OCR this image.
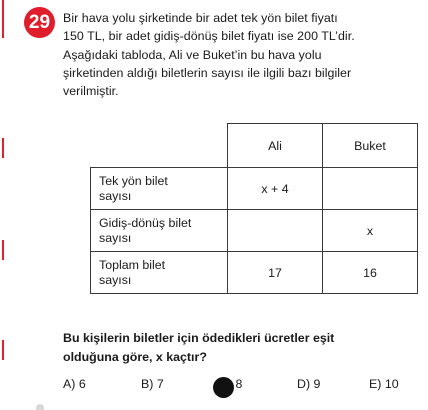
29	Bir hava yolu şirketinde bir adet tek yön bilet fiyatı
150 TL, bir adet gidiş-dönüş bilet fiyatı ise 200 TL’dir.
Aşağıdaki tabloda, Ali ve Buket’in bu hava yolu
şirketinden aldığı biletlerin sayısı ile ilgili bazı bilgiler
verilmiştir.
	Ali	Buket

Tek yön bilet
sayısı	x + 4	

Gidiş-dönüş bilet
sayısı		x

Toplam bilet
sayısı	17	16
Bu kişilerin biletler için ödedikleri ücretler eşit
olduğuna göre, x kaçtır?
A) 6	B) 7	8	D) 9	E) 10
